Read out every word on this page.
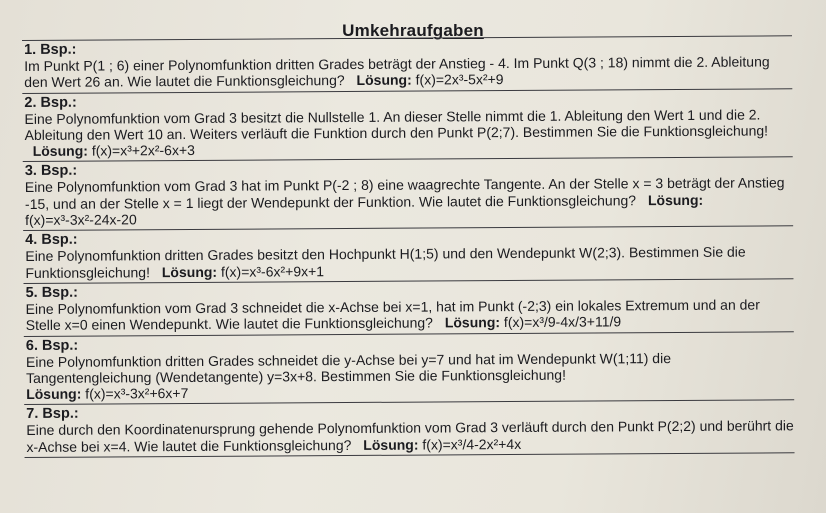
Umkehraufgaben
1. Bsp.:

Im Punkt P(1 ; 6) einer Polynomfunktion dritten Grades beträgt der Anstieg - 4. Im Punkt Q(3 ; 18) nimmt die 2. Ableitung den Wert 26 an. Wie lautet die Funktionsgleichung? Lösung: f(x)=2x³-5x²+9

2. Bsp.:

Eine Polynomfunktion vom Grad 3 besitzt die Nullstelle 1. An dieser Stelle nimmt die 1. Ableitung den Wert 1 und die 2. Ableitung den Wert 10 an. Weiters verläuft die Funktion durch den Punkt P(2;7). Bestimmen Sie die Funktionsgleichung! Lösung: f(x)=x³+2x²-6x+3

3. Bsp.:

Eine Polynomfunktion vom Grad 3 hat im Punkt P(-2 ; 8) eine waagrechte Tangente. An der Stelle x = 3 beträgt der Anstieg -15, und an der Stelle x = 1 liegt der Wendepunkt der Funktion. Wie lautet die Funktionsgleichung? Lösung: f(x)=x³-3x²-24x-20

4. Bsp.:

Eine Polynomfunktion dritten Grades besitzt den Hochpunkt H(1;5) und den Wendepunkt W(2;3). Bestimmen Sie die Funktionsgleichung! Lösung: f(x)=x³-6x²+9x+1

5. Bsp.:

Eine Polynomfunktion vom Grad 3 schneidet die x-Achse bei x=1, hat im Punkt (-2;3) ein lokales Extremum und an der Stelle x=0 einen Wendepunkt. Wie lautet die Funktionsgleichung? Lösung: f(x)=x³/9-4x/3+11/9

6. Bsp.:

Eine Polynomfunktion dritten Grades schneidet die y-Achse bei y=7 und hat im Wendepunkt W(1;11) die Tangentengleichung (Wendetangente) y=3x+8. Bestimmen Sie die Funktionsgleichung!
Lösung: f(x)=x³-3x²+6x+7

7. Bsp.:

Eine durch den Koordinatenursprung gehende Polynomfunktion vom Grad 3 verläuft durch den Punkt P(2;2) und berührt die x-Achse bei x=4. Wie lautet die Funktionsgleichung? Lösung: f(x)=x³/4-2x²+4x
